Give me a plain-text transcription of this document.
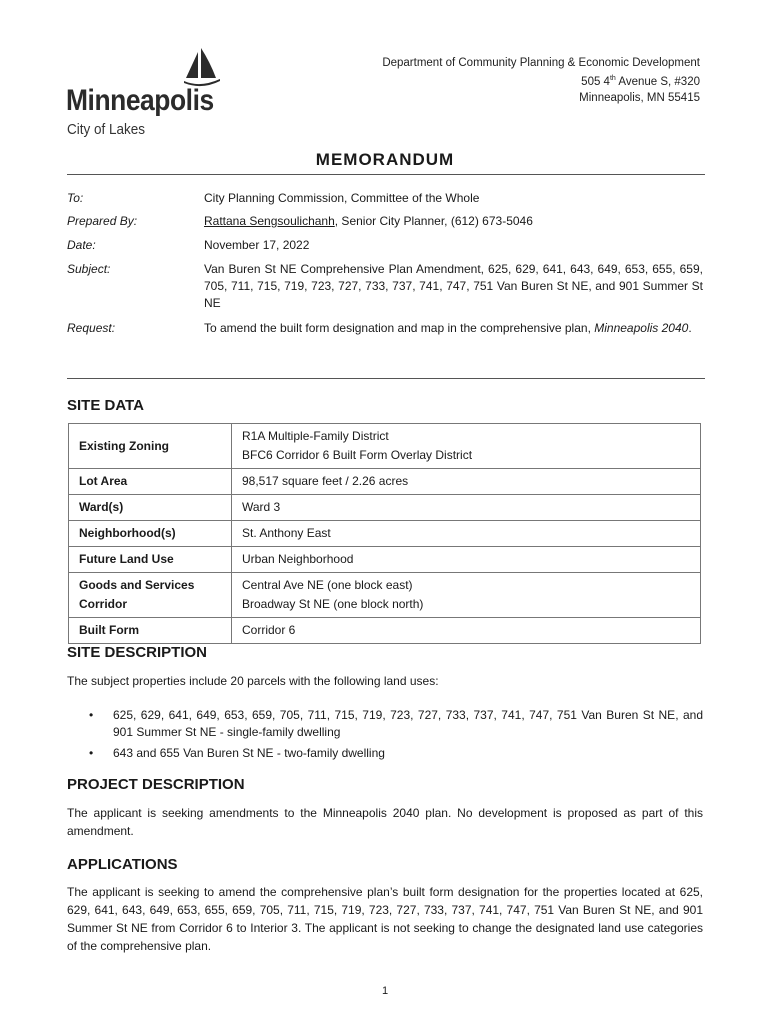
Minneapolis
City of Lakes
Department of Community Planning & Economic Development
505 4th Avenue S, #320
Minneapolis, MN 55415
MEMORANDUM
To:	City Planning Commission, Committee of the Whole
Prepared By:	Rattana Sengsoulichanh, Senior City Planner, (612) 673-5046
Date:	November 17, 2022
Subject:	Van Buren St NE Comprehensive Plan Amendment, 625, 629, 641, 643, 649, 653, 655, 659, 705, 711, 715, 719, 723, 727, 733, 737, 741, 747, 751 Van Buren St NE, and 901 Summer St NE
Request:	To amend the built form designation and map in the comprehensive plan, Minneapolis 2040.
SITE DATA
Existing Zoning	R1A Multiple-Family District
BFC6 Corridor 6 Built Form Overlay District

Lot Area	98,517 square feet / 2.26 acres
Ward(s)	Ward 3
Neighborhood(s)	St. Anthony East
Future Land Use	Urban Neighborhood
Goods and Services Corridor	Central Ave NE (one block east)
Broadway St NE (one block north)

Built Form	Corridor 6
SITE DESCRIPTION
The subject properties include 20 parcels with the following land uses:
• 625, 629, 641, 649, 653, 659, 705, 711, 715, 719, 723, 727, 733, 737, 741, 747, 751 Van Buren St NE, and 901 Summer St NE - single-family dwelling
• 643 and 655 Van Buren St NE - two-family dwelling
PROJECT DESCRIPTION
The applicant is seeking amendments to the Minneapolis 2040 plan. No development is proposed as part of this amendment.
APPLICATIONS
The applicant is seeking to amend the comprehensive plan’s built form designation for the properties located at 625, 629, 641, 643, 649, 653, 655, 659, 705, 711, 715, 719, 723, 727, 733, 737, 741, 747, 751 Van Buren St NE, and 901 Summer St NE from Corridor 6 to Interior 3. The applicant is not seeking to change the designated land use categories of the comprehensive plan.
1
